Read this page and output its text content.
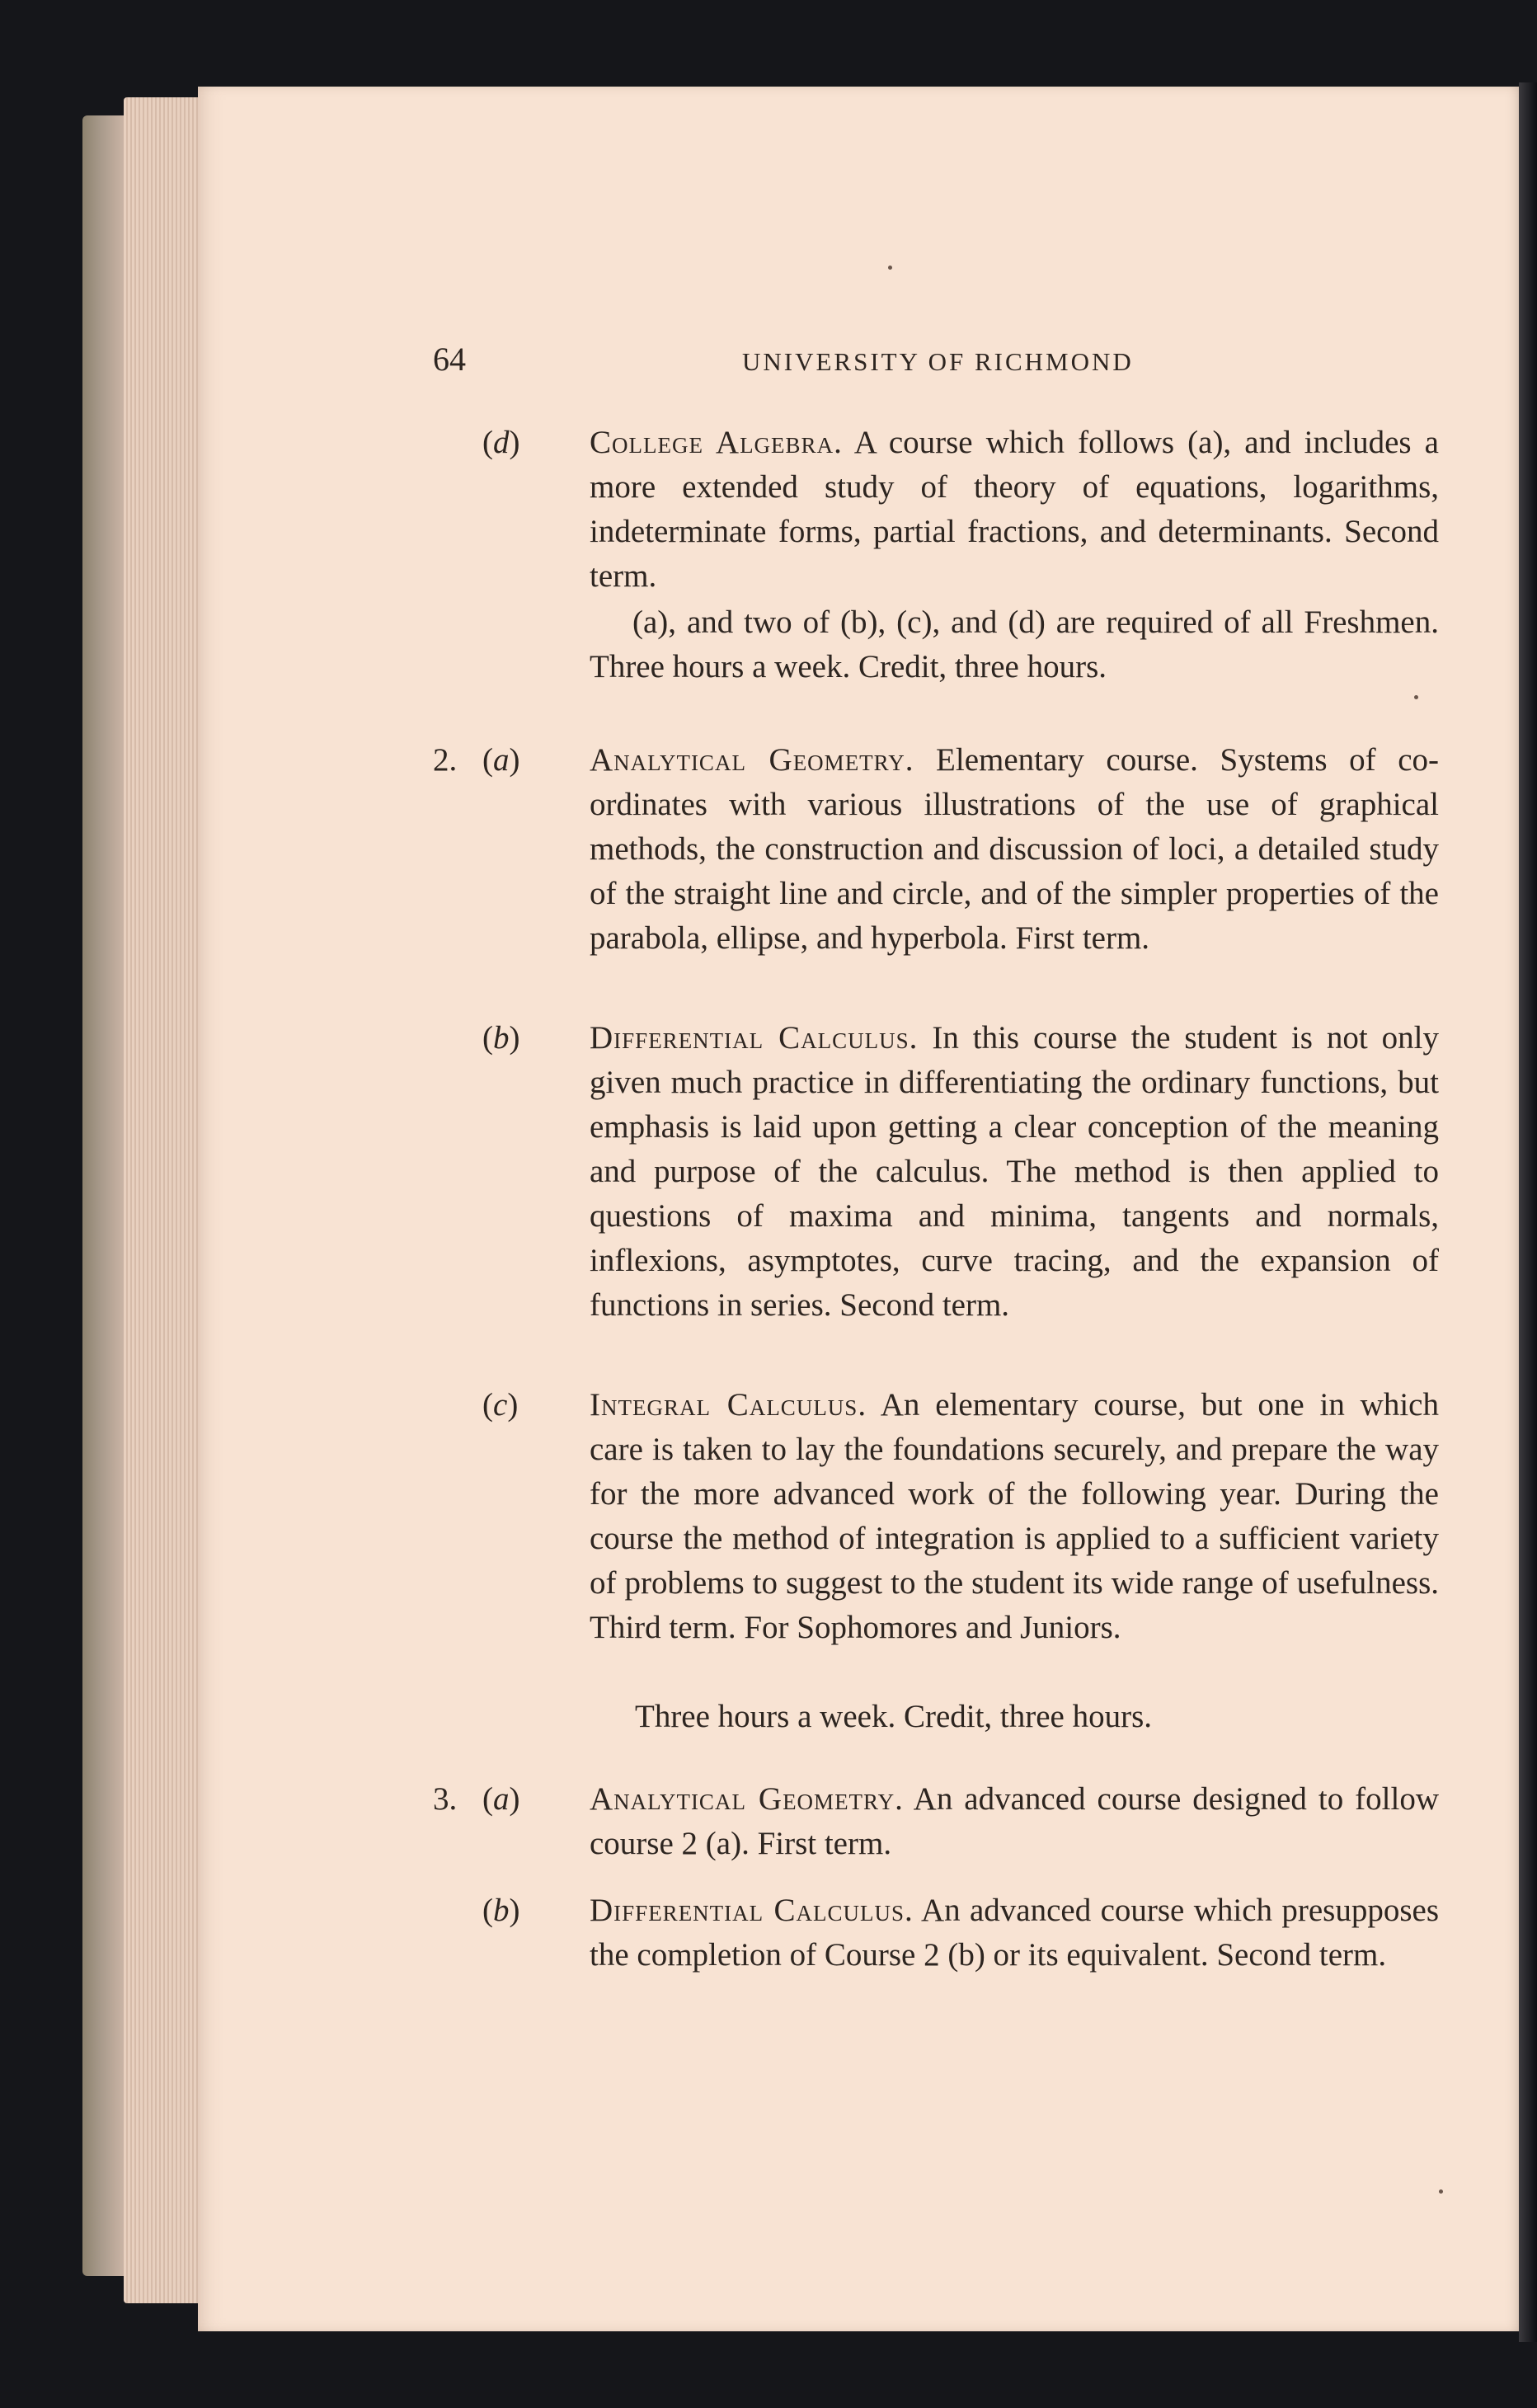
64	UNIVERSITY OF RICHMOND
(d) College Algebra. A course which follows (a), and includes a more extended study of theory of equations, logarithms, indeterminate forms, partial fractions, and determinants. Second term.
(a), and two of (b), (c), and (d) are required of all Freshmen. Three hours a week. Credit, three hours.
2. (a) Analytical Geometry. Elementary course. Systems of co-ordinates with various illustrations of the use of graphical methods, the construction and discussion of loci, a detailed study of the straight line and circle, and of the simpler properties of the parabola, ellipse, and hyperbola. First term.
(b) Differential Calculus. In this course the student is not only given much practice in differentiating the ordinary functions, but emphasis is laid upon getting a clear conception of the meaning and purpose of the calculus. The method is then applied to questions of maxima and minima, tangents and normals, inflexions, asymptotes, curve tracing, and the expansion of functions in series. Second term.
(c) Integral Calculus. An elementary course, but one in which care is taken to lay the foundations securely, and prepare the way for the more advanced work of the following year. During the course the method of integration is applied to a sufficient variety of problems to suggest to the student its wide range of usefulness. Third term. For Sophomores and Juniors.
Three hours a week. Credit, three hours.
3. (a) Analytical Geometry. An advanced course designed to follow course 2 (a). First term.
(b) Differential Calculus. An advanced course which presupposes the completion of Course 2 (b) or its equivalent. Second term.
